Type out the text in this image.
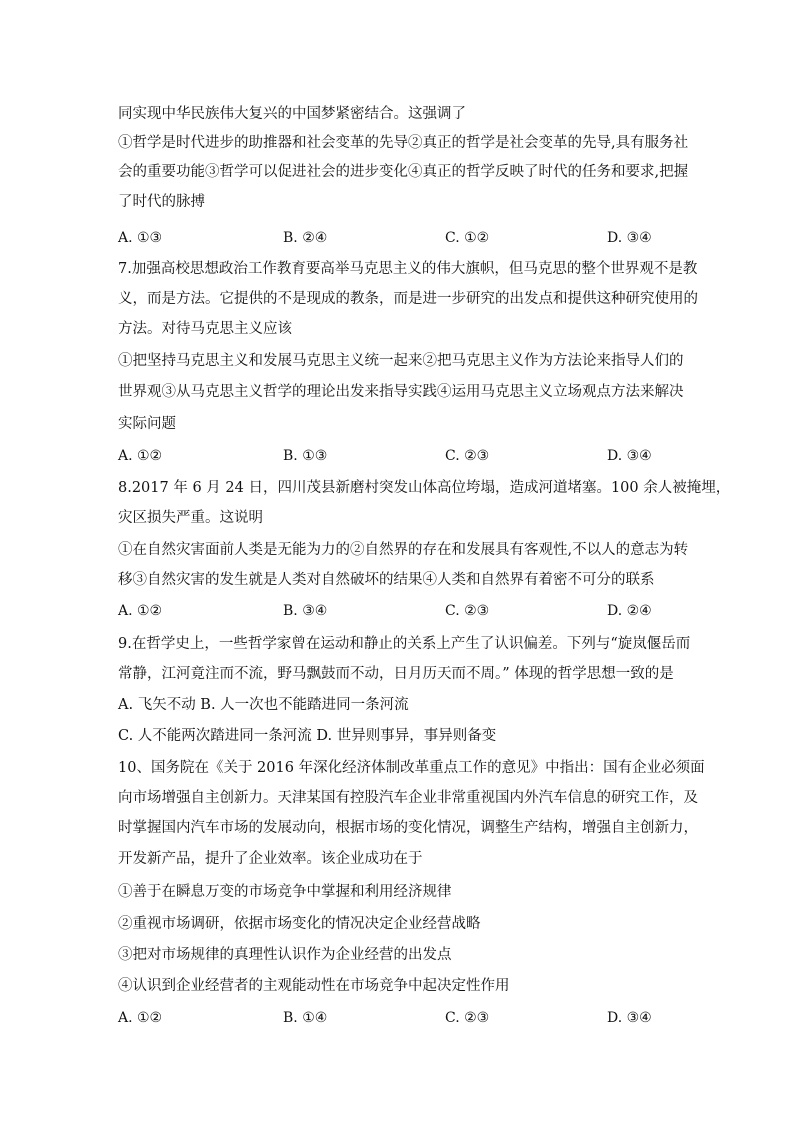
同实现中华民族伟大复兴的中国梦紧密结合。这强调了
①哲学是时代进步的助推器和社会变革的先导②真正的哲学是社会变革的先导,具有服务社
会的重要功能③哲学可以促进社会的进步变化④真正的哲学反映了时代的任务和要求,把握
了时代的脉搏
A. ①③	B. ②④	C. ①②	D. ③④
7.加强高校思想政治工作教育要高举马克思主义的伟大旗帜，但马克思的整个世界观不是教
义，而是方法。它提供的不是现成的教条，而是进一步研究的出发点和提供这种研究使用的
方法。对待马克思主义应该
①把坚持马克思主义和发展马克思主义统一起来②把马克思主义作为方法论来指导人们的
世界观③从马克思主义哲学的理论出发来指导实践④运用马克思主义立场观点方法来解决
实际问题
A. ①②	B. ①③	C. ②③	D. ③④
8.2017 年 6 月 24 日，四川茂县新磨村突发山体高位垮塌，造成河道堵塞。100 余人被掩埋，
灾区损失严重。这说明
①在自然灾害面前人类是无能为力的②自然界的存在和发展具有客观性,不以人的意志为转
移③自然灾害的发生就是人类对自然破坏的结果④人类和自然界有着密不可分的联系
A. ①②	B. ③④	C. ②③	D. ②④
9.在哲学史上，一些哲学家曾在运动和静止的关系上产生了认识偏差。下列与“旋岚偃岳而
常静，江河竟注而不流，野马飘鼓而不动，日月历天而不周。” 体现的哲学思想一致的是
A. 飞矢不动 B. 人一次也不能踏进同一条河流
C. 人不能两次踏进同一条河流 D. 世异则事异，事异则备变
10、国务院在《关于 2016 年深化经济体制改革重点工作的意见》中指出：国有企业必须面
向市场增强自主创新力。天津某国有控股汽车企业非常重视国内外汽车信息的研究工作，及
时掌握国内汽车市场的发展动向，根据市场的变化情况，调整生产结构，增强自主创新力，
开发新产品，提升了企业效率。该企业成功在于
①善于在瞬息万变的市场竞争中掌握和利用经济规律
②重视市场调研，依据市场变化的情况决定企业经营战略
③把对市场规律的真理性认识作为企业经营的出发点
④认识到企业经营者的主观能动性在市场竞争中起决定性作用
A. ①②	B. ①④	C. ②③	D. ③④
